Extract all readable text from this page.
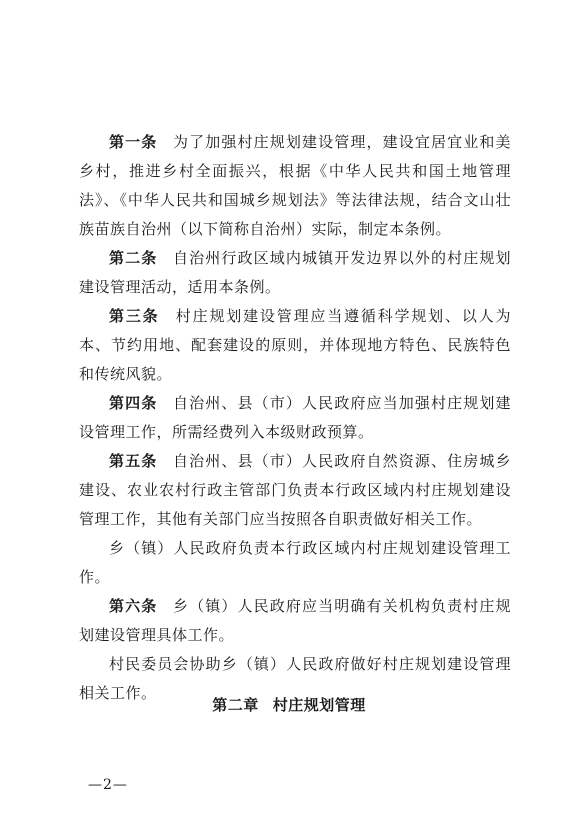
第一条 为了加强村庄规划建设管理，建设宜居宜业和美乡村，推进乡村全面振兴，根据《中华人民共和国土地管理法》、《中华人民共和国城乡规划法》等法律法规，结合文山壮族苗族自治州（以下简称自治州）实际，制定本条例。

第二条 自治州行政区域内城镇开发边界以外的村庄规划建设管理活动，适用本条例。

第三条 村庄规划建设管理应当遵循科学规划、以人为本、节约用地、配套建设的原则，并体现地方特色、民族特色和传统风貌。

第四条 自治州、县（市）人民政府应当加强村庄规划建设管理工作，所需经费列入本级财政预算。

第五条 自治州、县（市）人民政府自然资源、住房城乡建设、农业农村行政主管部门负责本行政区域内村庄规划建设管理工作，其他有关部门应当按照各自职责做好相关工作。

乡（镇）人民政府负责本行政区域内村庄规划建设管理工作。

第六条 乡（镇）人民政府应当明确有关机构负责村庄规划建设管理具体工作。

村民委员会协助乡（镇）人民政府做好村庄规划建设管理相关工作。

第二章 村庄规划管理
—2—
